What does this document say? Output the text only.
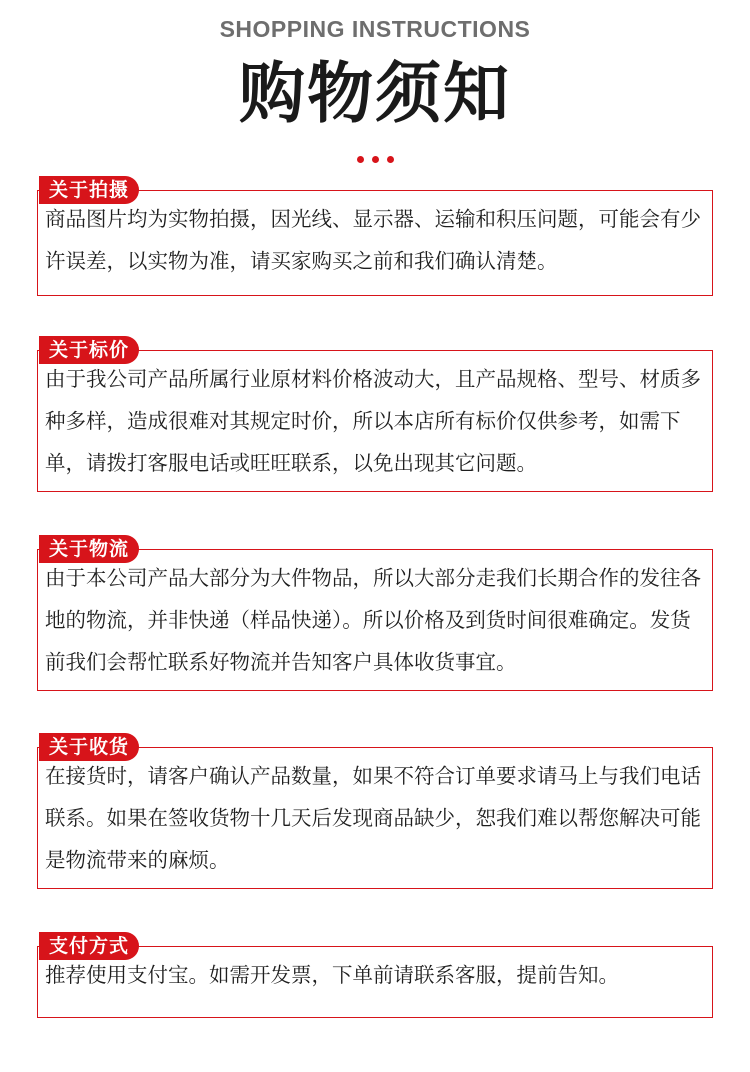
SHOPPING INSTRUCTIONS
购物须知
关于拍摄
商品图片均为实物拍摄，因光线、显示器、运输和积压问题，可能会有少许误差，以实物为准，请买家购买之前和我们确认清楚。
关于标价
由于我公司产品所属行业原材料价格波动大，且产品规格、型号、材质多种多样，造成很难对其规定时价，所以本店所有标价仅供参考，如需下单，请拨打客服电话或旺旺联系，以免出现其它问题。
关于物流
由于本公司产品大部分为大件物品，所以大部分走我们长期合作的发往各地的物流，并非快递（样品快递）。所以价格及到货时间很难确定。发货前我们会帮忙联系好物流并告知客户具体收货事宜。
关于收货
在接货时，请客户确认产品数量，如果不符合订单要求请马上与我们电话联系。如果在签收货物十几天后发现商品缺少，恕我们难以帮您解决可能是物流带来的麻烦。
支付方式
推荐使用支付宝。如需开发票，下单前请联系客服，提前告知。
